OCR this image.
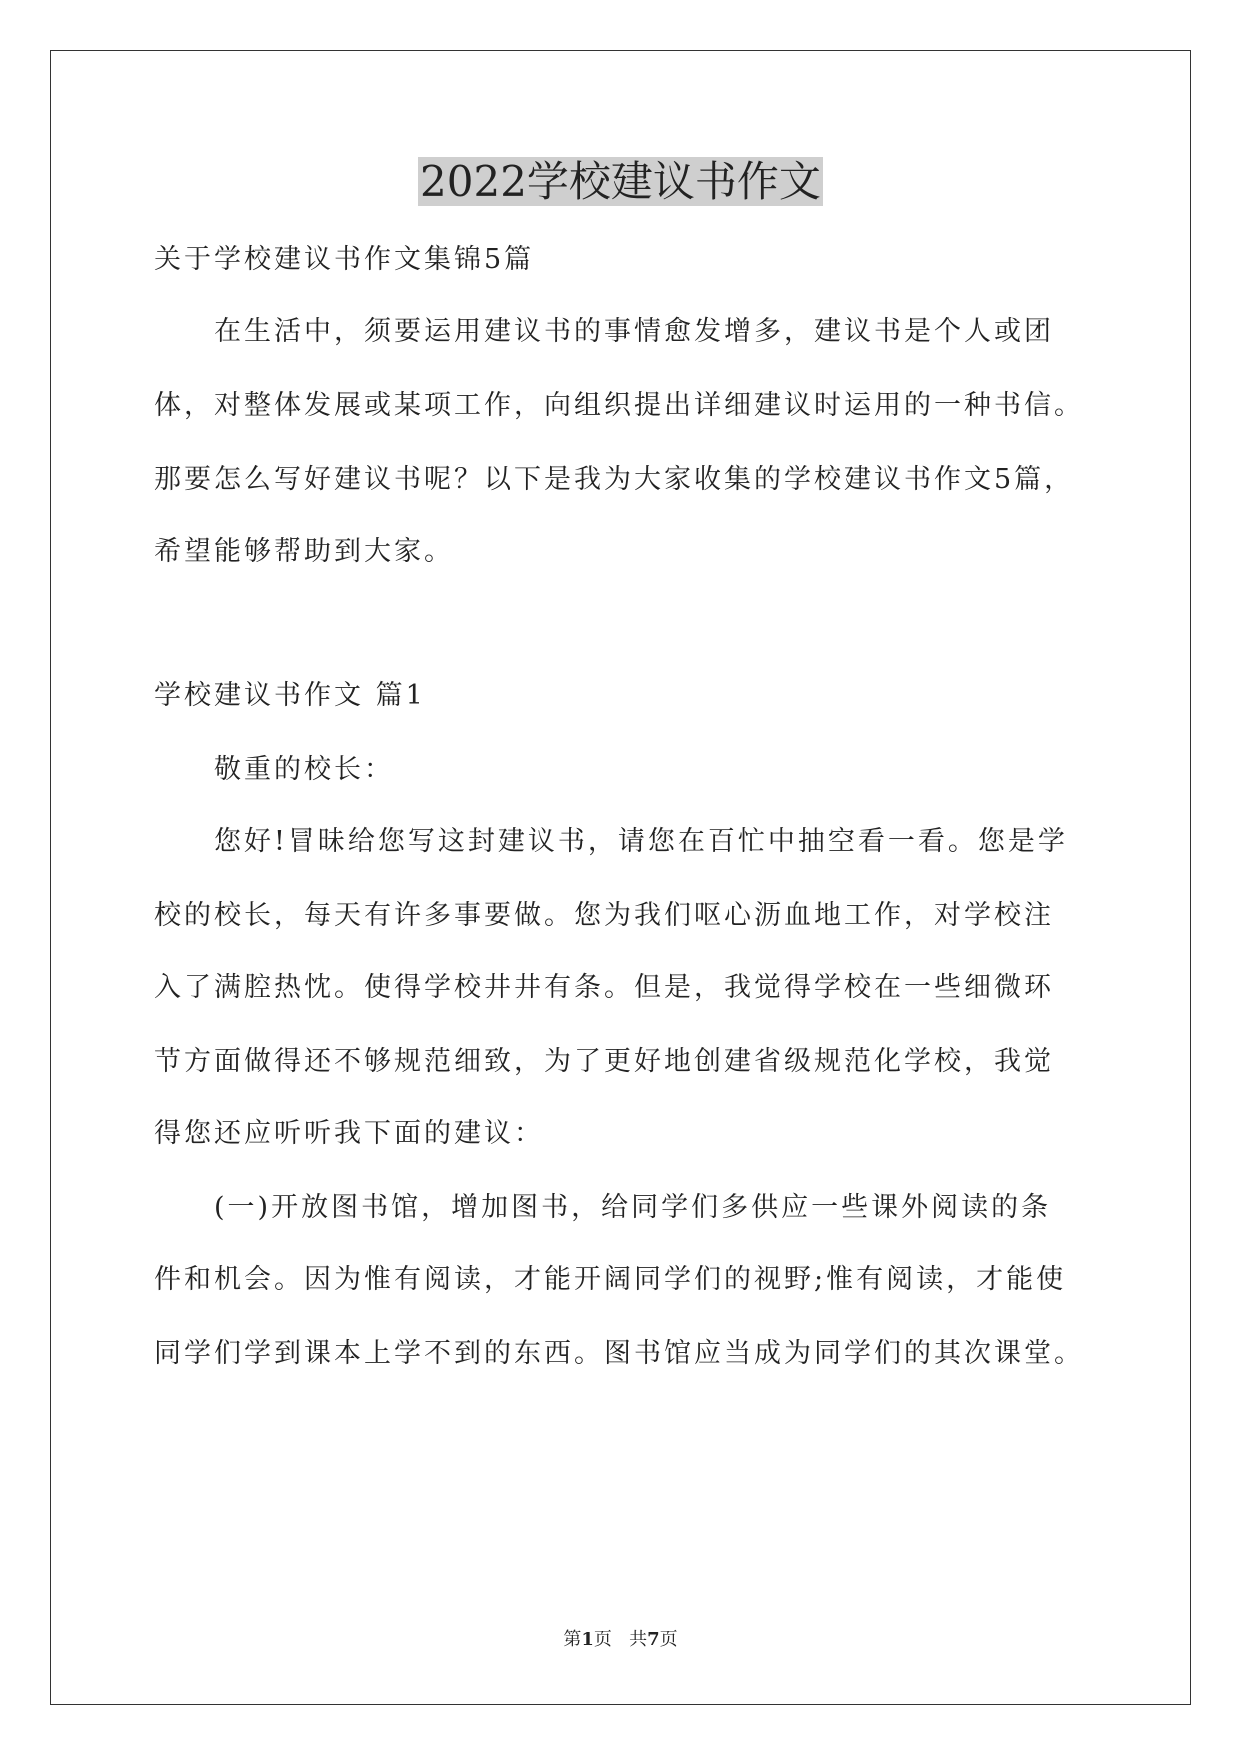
2022学校建议书作文
关于学校建议书作文集锦5篇
在生活中，须要运用建议书的事情愈发增多，建议书是个人或团
体，对整体发展或某项工作，向组织提出详细建议时运用的一种书信。
那要怎么写好建议书呢？以下是我为大家收集的学校建议书作文5篇，
希望能够帮助到大家。
学校建议书作文 篇1
敬重的校长：
您好!冒昧给您写这封建议书，请您在百忙中抽空看一看。您是学
校的校长，每天有许多事要做。您为我们呕心沥血地工作，对学校注
入了满腔热忱。使得学校井井有条。但是，我觉得学校在一些细微环
节方面做得还不够规范细致，为了更好地创建省级规范化学校，我觉
得您还应听听我下面的建议：
(一)开放图书馆，增加图书，给同学们多供应一些课外阅读的条
件和机会。因为惟有阅读，才能开阔同学们的视野;惟有阅读，才能使
同学们学到课本上学不到的东西。图书馆应当成为同学们的其次课堂。
第1页   共7页
